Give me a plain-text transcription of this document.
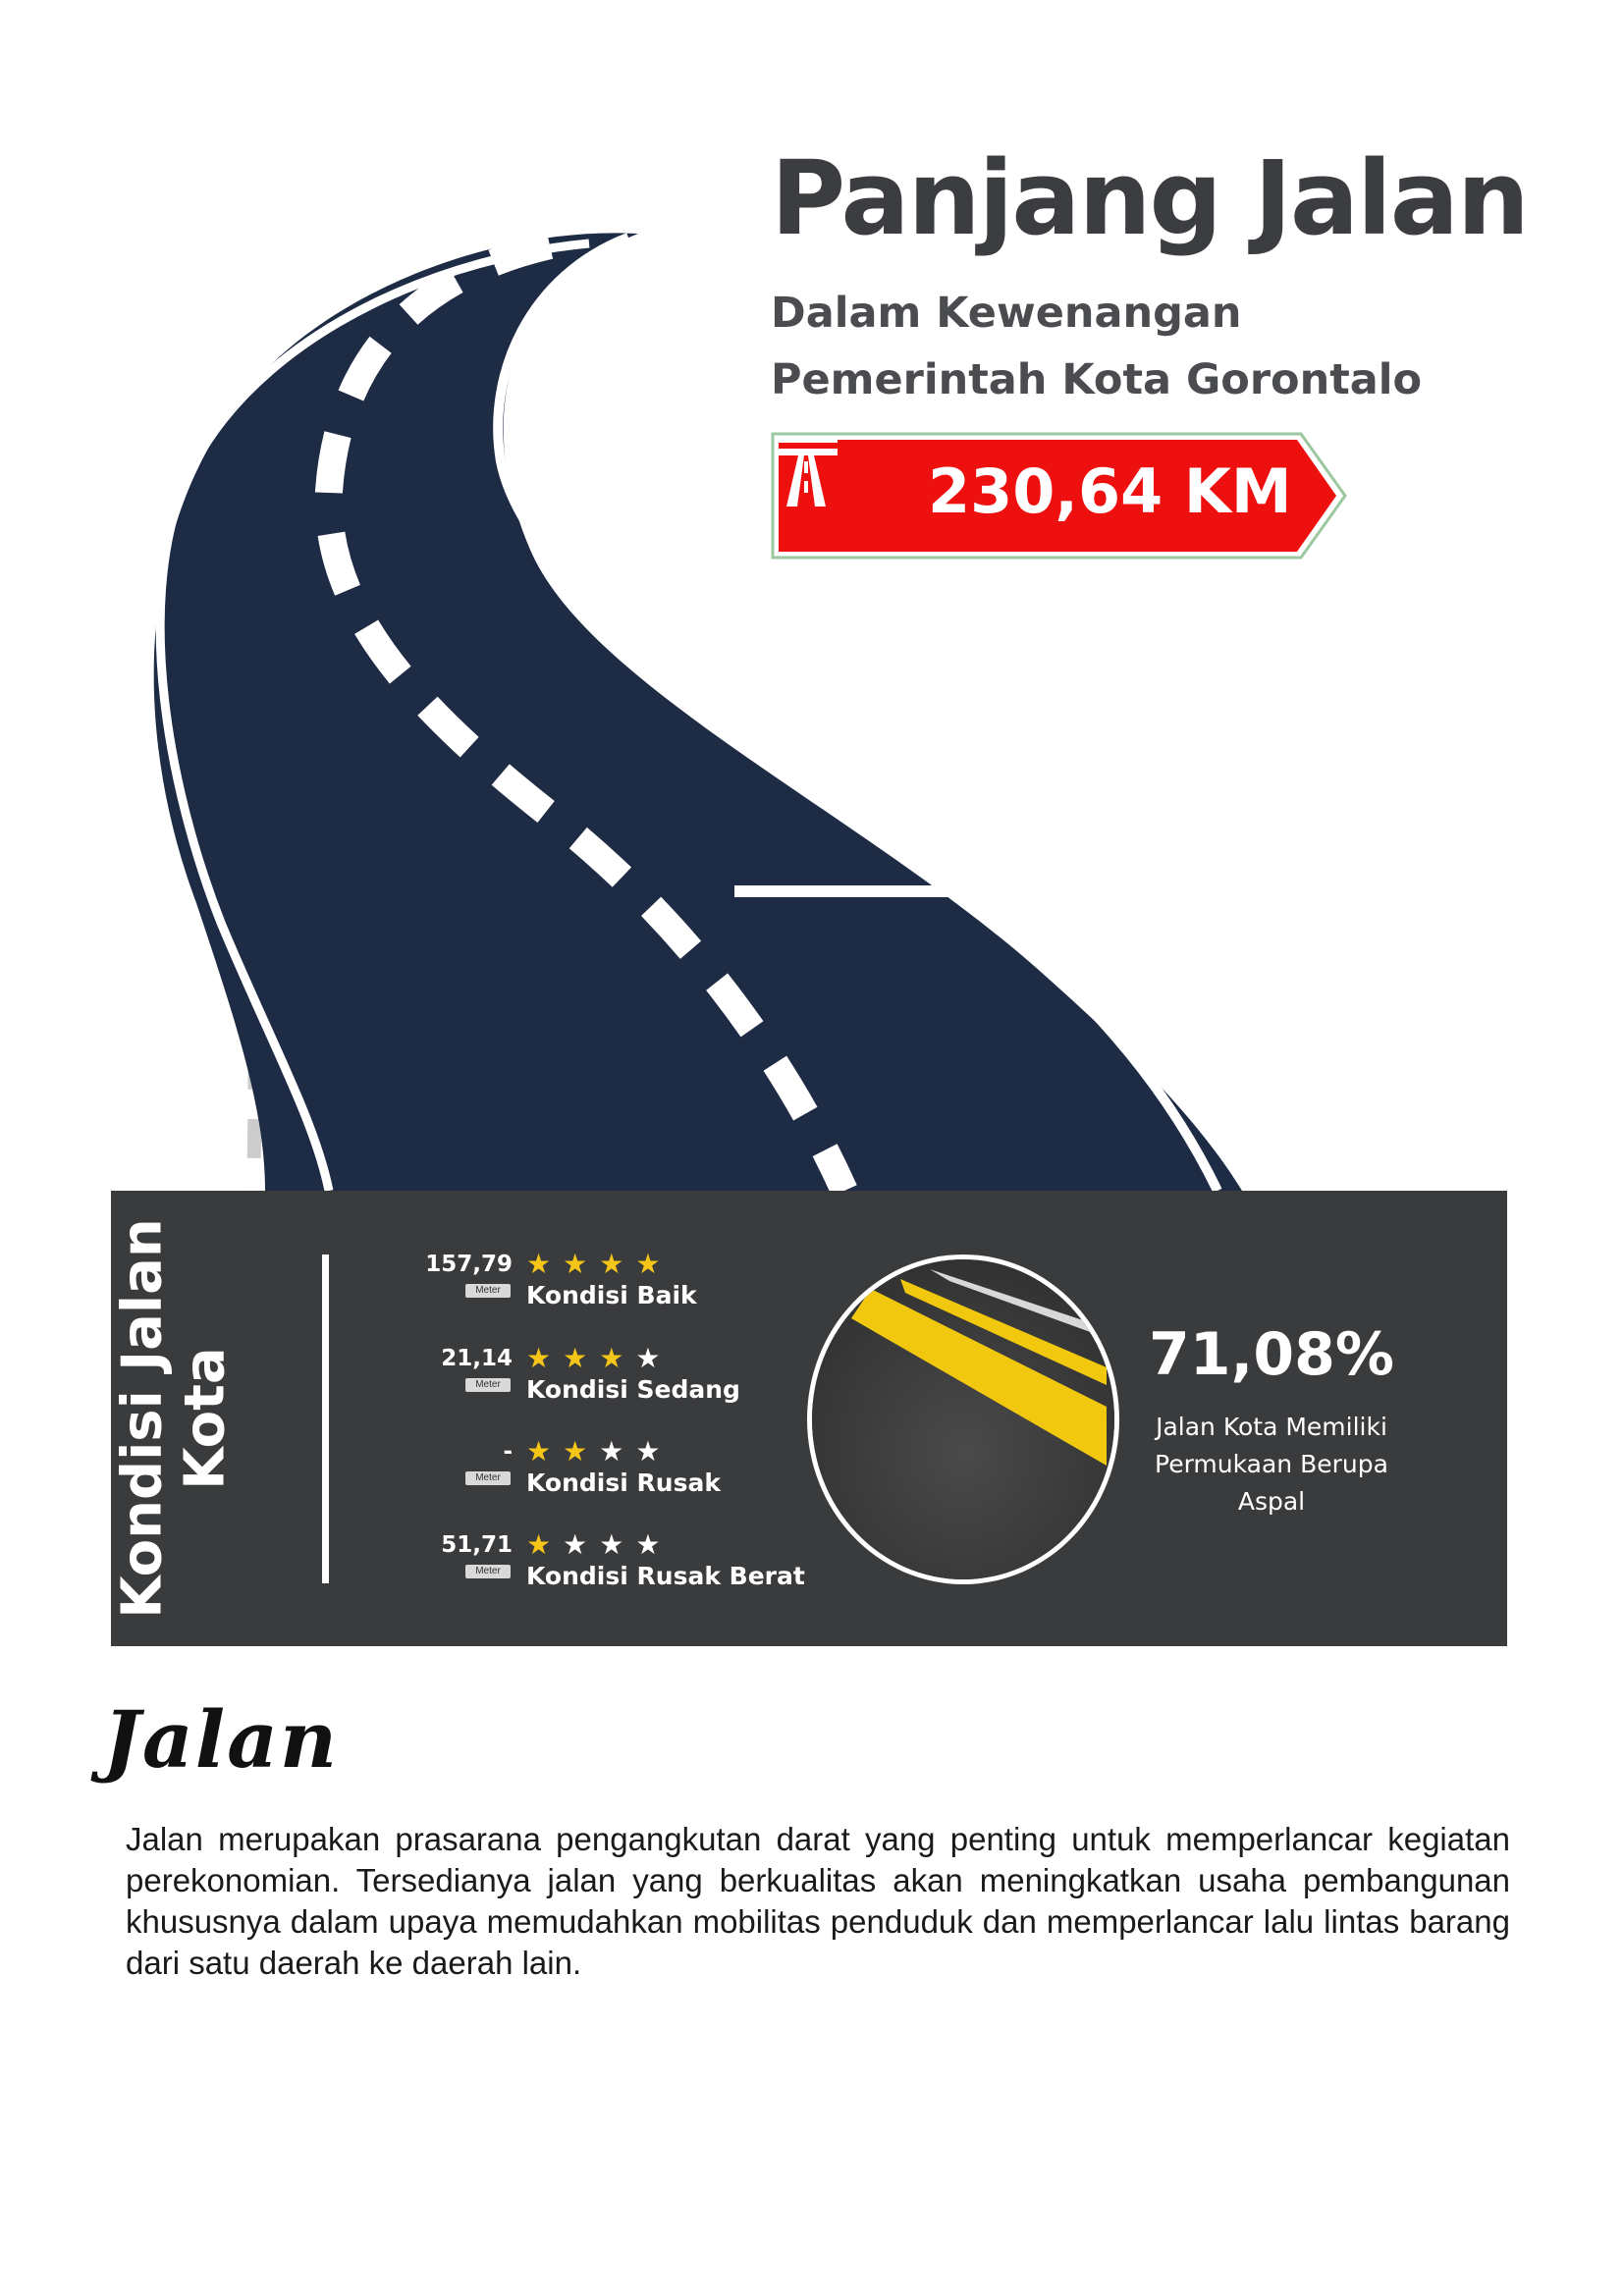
Panjang Jalan
Dalam Kewenangan
Pemerintah Kota Gorontalo
230,64 KM
Kondisi Jalan Kota
157,79
Meter
★★★★
Kondisi Baik
21,14
Meter
★★★★
Kondisi Sedang
-
Meter
★★★★
Kondisi Rusak
51,71
Meter
★★★★
Kondisi Rusak Berat
71,08%
Jalan Kota Memiliki Permukaan Berupa Aspal
Jalan
Jalan merupakan prasarana pengangkutan darat yang penting untuk memperlancar kegiatan perekonomian. Tersedianya jalan yang berkualitas akan meningkatkan usaha pembangunan khususnya dalam upaya memudahkan mobilitas penduduk dan memperlancar lalu lintas barang dari satu daerah ke daerah lain.
